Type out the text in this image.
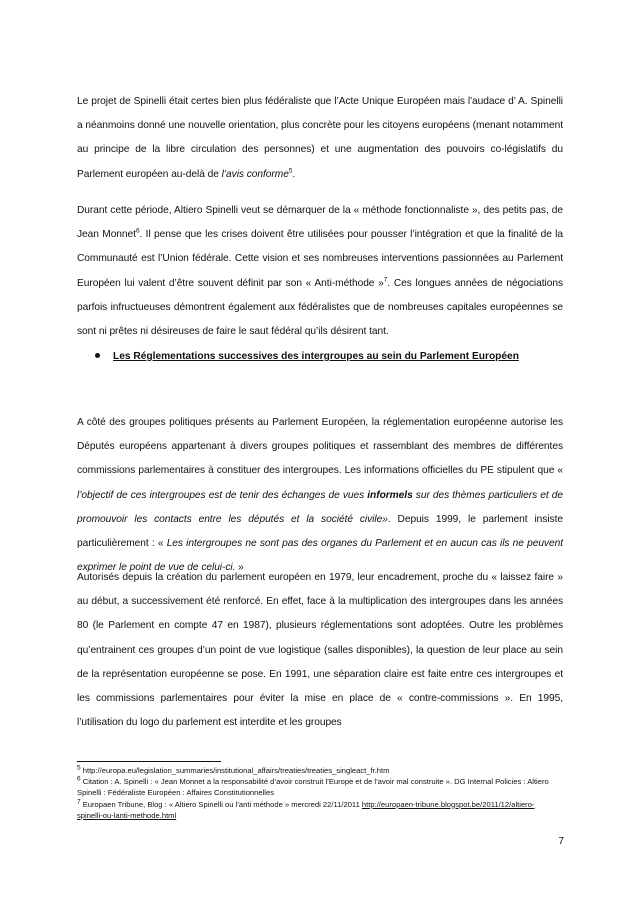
Le projet de Spinelli était certes bien plus fédéraliste que l’Acte Unique Européen mais l'audace d’ A. Spinelli a néanmoins donné une nouvelle orientation, plus concrète pour les citoyens européens (menant notamment au principe de la libre circulation des personnes) et une augmentation des pouvoirs co-législatifs du Parlement européen au-delà de l’avis conforme$^5$.

Durant cette période, Altiero Spinelli veut se démarquer de la « méthode fonctionnaliste », des petits pas, de Jean Monnet$^6$. Il pense que les crises doivent être utilisées pour pousser l’intégration et que la finalité de la Communauté est l’Union fédérale. Cette vision et ses nombreuses interventions passionnées au Parlement Européen lui valent d’être souvent définit par son « Anti-méthode »$^7$. Ces longues années de négociations parfois infructueuses démontrent également aux fédéralistes que de nombreuses capitales européennes se sont ni prêtes ni désireuses de faire le saut fédéral qu’ils désirent tant.

Les Réglementations successives des intergroupes au sein du Parlement Européen

A côté des groupes politiques présents au Parlement Européen, la réglementation européenne autorise les Députés européens appartenant à divers groupes politiques et rassemblant des membres de différentes commissions parlementaires à constituer des intergroupes. Les informations officielles du PE stipulent que « l’objectif de ces intergroupes est de tenir des échanges de vues informels sur des thèmes particuliers et de promouvoir les contacts entre les députés et la société civile». Depuis 1999, le parlement insiste particulièrement : « Les intergroupes ne sont pas des organes du Parlement et en aucun cas ils ne peuvent exprimer le point de vue de celui-ci. »

Autorisés depuis la création du parlement européen en 1979, leur encadrement, proche du « laissez faire » au début, a successivement été renforcé. En effet, face à la multiplication des intergroupes dans les années 80 (le Parlement en compte 47 en 1987), plusieurs réglementations sont adoptées. Outre les problèmes qu’entrainent ces groupes d’un point de vue logistique (salles disponibles), la question de leur place au sein de la représentation européenne se pose. En 1991, une séparation claire est faite entre ces intergroupes et les commissions parlementaires pour éviter la mise en place de « contre-commissions ». En 1995, l’utilisation du logo du parlement est interdite et les groupes

$^5$ http://europa.eu/legislation_summaries/institutional_affairs/treaties/treaties_singleact_fr.htm

$^6$ Citation : A. Spinelli : « Jean Monnet a la responsabilité d’avoir construit l’Europe et de l’avoir mal construite ». DG Internal Policies : Altiero Spinelli : Fédéraliste Européen : Affaires Constitutionnelles

$^7$ Europaen Tribune, Blog : « Altiero Spinelli ou l’anti méthode » mercredi 22/11/2011 http://europaen-tribune.blogspot.be/2011/12/altiero-spinelli-ou-lanti-methode.html

7
